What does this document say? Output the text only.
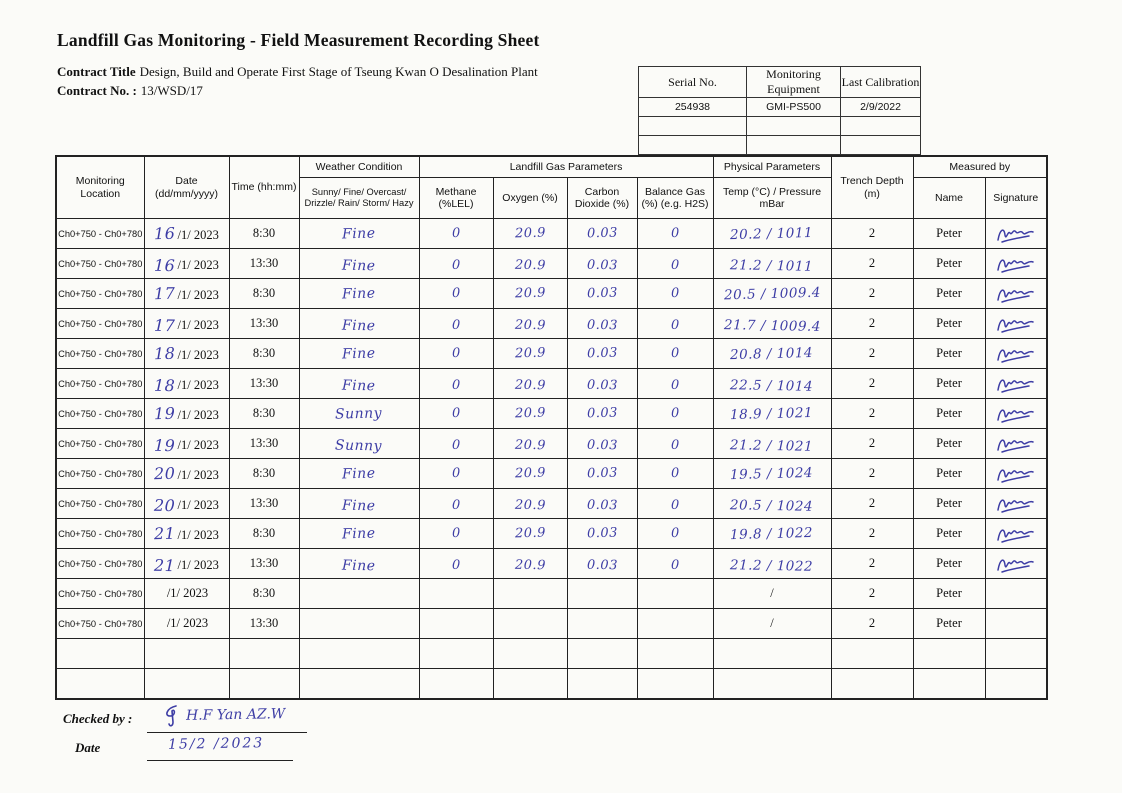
Landfill Gas Monitoring - Field Measurement Recording Sheet
Contract Title Design, Build and Operate First Stage of Tseung Kwan O Desalination Plant
Contract No. : 13/WSD/17
Serial No.	Monitoring Equipment	Last Calibration
254938	GMI-PS500	2/9/2022

Monitoring Location	Date (dd/mm/yyyy)	Time (hh:mm)	Weather Condition	Landfill Gas Parameters				Physical Parameters	Trench Depth (m)	Measured by	
			Sunny/ Fine/ Overcast/ Drizzle/ Rain/ Storm/ Hazy	Methane (%LEL)	Oxygen (%)	Carbon Dioxide (%)	Balance Gas (%) (e.g. H2S)	Temp (°C) / Pressure mBar		Name	Signature
Ch0+750 - Ch0+780	16 /1/ 2023	8:30	Fine	0	20.9	0.03	0	20.2 / 1011	2	Peter	

Ch0+750 - Ch0+780	16 /1/ 2023	13:30	Fine	0	20.9	0.03	0	21.2 / 1011	2	Peter	

Ch0+750 - Ch0+780	17 /1/ 2023	8:30	Fine	0	20.9	0.03	0	20.5 / 1009.4	2	Peter	

Ch0+750 - Ch0+780	17 /1/ 2023	13:30	Fine	0	20.9	0.03	0	21.7 / 1009.4	2	Peter	

Ch0+750 - Ch0+780	18 /1/ 2023	8:30	Fine	0	20.9	0.03	0	20.8 / 1014	2	Peter	

Ch0+750 - Ch0+780	18 /1/ 2023	13:30	Fine	0	20.9	0.03	0	22.5 / 1014	2	Peter	

Ch0+750 - Ch0+780	19 /1/ 2023	8:30	Sunny	0	20.9	0.03	0	18.9 / 1021	2	Peter	

Ch0+750 - Ch0+780	19 /1/ 2023	13:30	Sunny	0	20.9	0.03	0	21.2 / 1021	2	Peter	

Ch0+750 - Ch0+780	20 /1/ 2023	8:30	Fine	0	20.9	0.03	0	19.5 / 1024	2	Peter	

Ch0+750 - Ch0+780	20 /1/ 2023	13:30	Fine	0	20.9	0.03	0	20.5 / 1024	2	Peter	

Ch0+750 - Ch0+780	21 /1/ 2023	8:30	Fine	0	20.9	0.03	0	19.8 / 1022	2	Peter	

Ch0+750 - Ch0+780	21 /1/ 2023	13:30	Fine	0	20.9	0.03	0	21.2 / 1022	2	Peter	

Ch0+750 - Ch0+780	/1/ 2023	8:30						/	2	Peter	
Ch0+750 - Ch0+780	/1/ 2023	13:30						/	2	Peter	

Checked by :	H.F Yan AZ.W
Date	15/2 /2023
